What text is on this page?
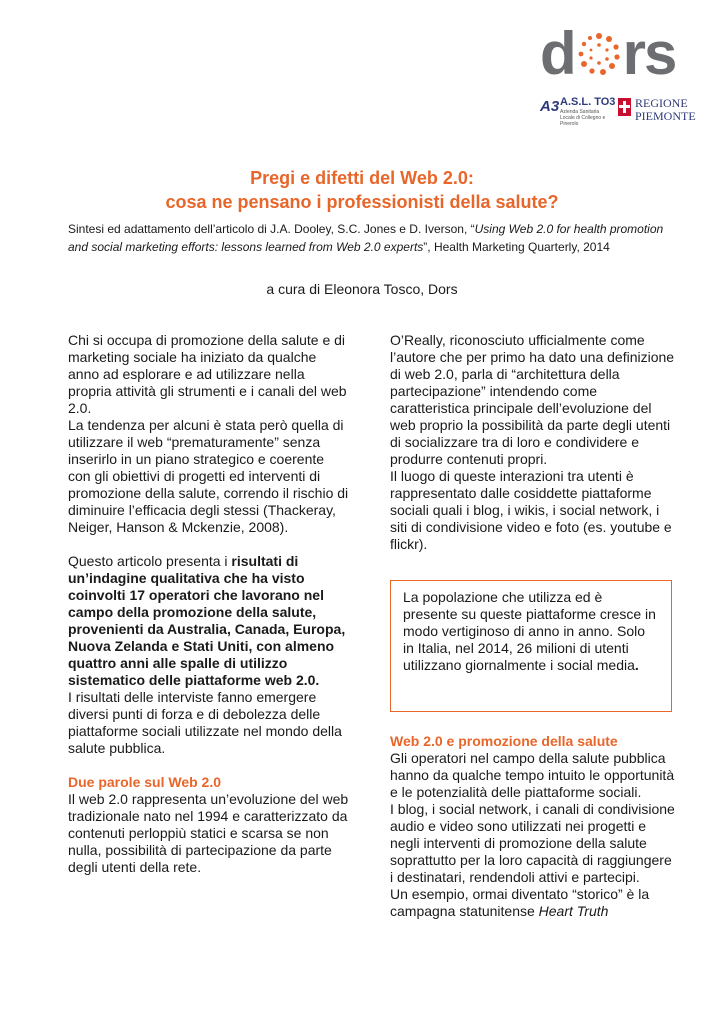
d rs
A3 A.S.L. TO3
Azienda Sanitaria Locale di Collegno e Pinerolo
REGIONE
PIEMONTE
Pregi e difetti del Web 2.0:
cosa ne pensano i professionisti della salute?
Sintesi ed adattamento dell’articolo di J.A. Dooley, S.C. Jones e D. Iverson, “Using Web 2.0 for health promotion and social marketing efforts: lessons learned from Web 2.0 experts”, Health Marketing Quarterly, 2014
a cura di Eleonora Tosco, Dors

Chi si occupa di promozione della salute e di marketing sociale ha iniziato da qualche anno ad esplorare e ad utilizzare nella propria attività gli strumenti e i canali del web 2.0.

La tendenza per alcuni è stata però quella di utilizzare il web “prematuramente” senza inserirlo in un piano strategico e coerente con gli obiettivi di progetti ed interventi di promozione della salute, correndo il rischio di diminuire l’efficacia degli stessi (Thackeray, Neiger, Hanson & Mckenzie, 2008).

Questo articolo presenta i risultati di un’indagine qualitativa che ha visto coinvolti 17 operatori che lavorano nel campo della promozione della salute, provenienti da Australia, Canada, Europa, Nuova Zelanda e Stati Uniti, con almeno quattro anni alle spalle di utilizzo sistematico delle piattaforme web 2.0.

I risultati delle interviste fanno emergere diversi punti di forza e di debolezza delle piattaforme sociali utilizzate nel mondo della salute pubblica.

Due parole sul Web 2.0

Il web 2.0 rappresenta un’evoluzione del web tradizionale nato nel 1994 e caratterizzato da contenuti perloppiù statici e scarsa se non nulla, possibilità di partecipazione da parte degli utenti della rete.

O’Really, riconosciuto ufficialmente come l’autore che per primo ha dato una definizione di web 2.0, parla di “architettura della partecipazione” intendendo come caratteristica principale dell’evoluzione del web proprio la possibilità da parte degli utenti di socializzare tra di loro e condividere e produrre contenuti propri.

Il luogo di queste interazioni tra utenti è rappresentato dalle cosiddette piattaforme sociali quali i blog, i wikis, i social network, i siti di condivisione video e foto (es. youtube e flickr).

La popolazione che utilizza ed è presente su queste piattaforme cresce in modo vertiginoso di anno in anno. Solo in Italia, nel 2014, 26 milioni di utenti utilizzano giornalmente i social media.

Web 2.0 e promozione della salute

Gli operatori nel campo della salute pubblica hanno da qualche tempo intuito le opportunità e le potenzialità delle piattaforme sociali.

I blog, i social network, i canali di condivisione audio e video sono utilizzati nei progetti e negli interventi di promozione della salute soprattutto per la loro capacità di raggiungere i destinatari, rendendoli attivi e partecipi.

Un esempio, ormai diventato “storico” è la campagna statunitense Heart Truth
